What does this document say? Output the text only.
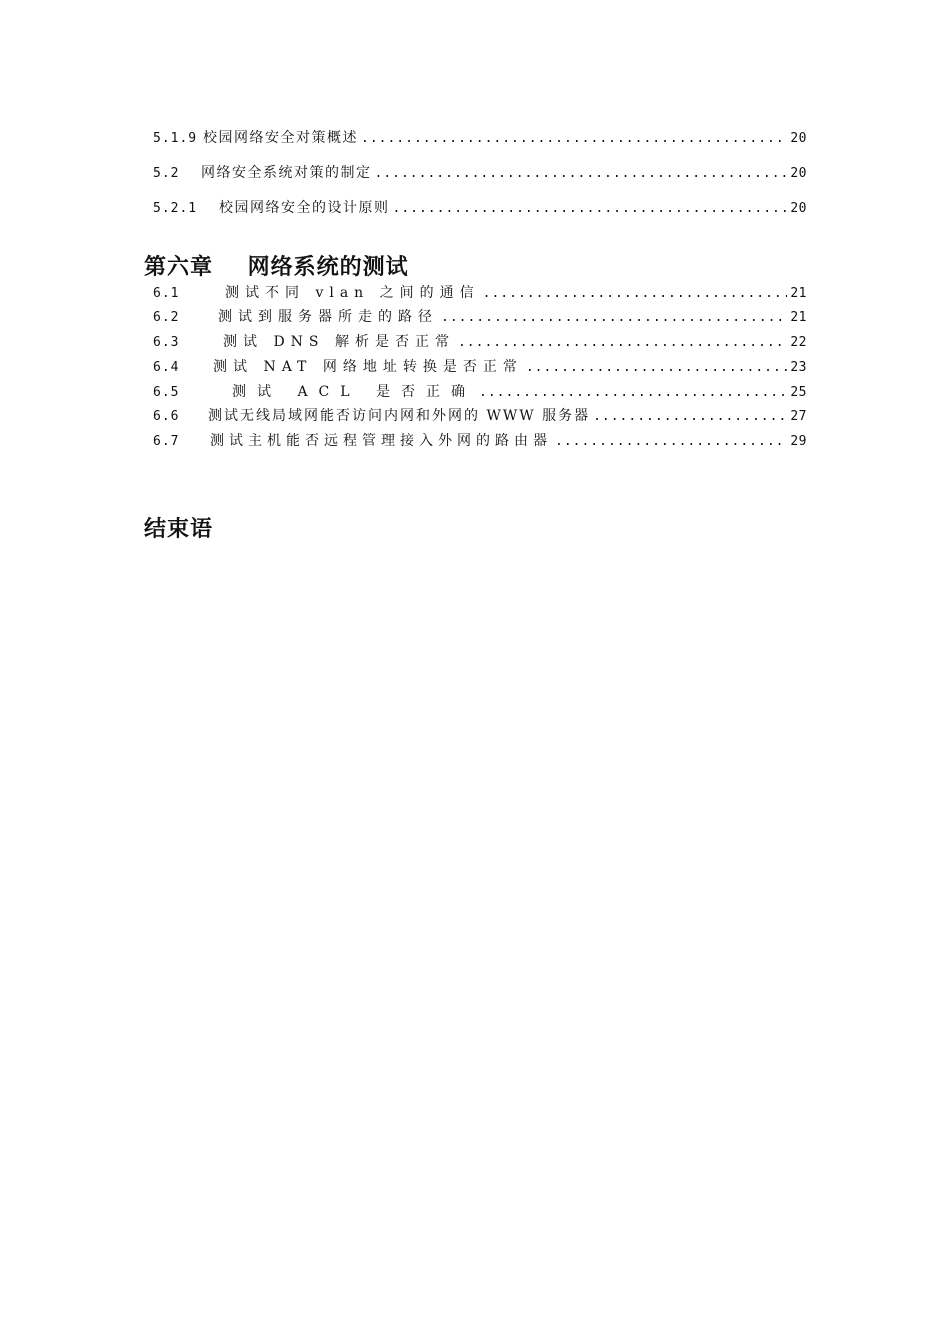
5.1.9 校园网络安全对策概述 .....	20
5.2	网络安全系统对策的制定 .....	20
5.2.1	校园网络安全的设计原则 .....	20
第六章    网络系统的测试
6.1	测试不同 vlan 之间的通信 .....	21
6.2	测试到服务器所走的路径 .....	21
6.3	测试 DNS 解析是否正常 .....	22
6.4	测试 NAT 网络地址转换是否正常 .....	23
6.5	测试 ACL 是否正确 .....	25
6.6	测试无线局域网能否访问内网和外网的 WWW 服务器 .....	27
6.7	测试主机能否远程管理接入外网的路由器 .....	29
结束语
